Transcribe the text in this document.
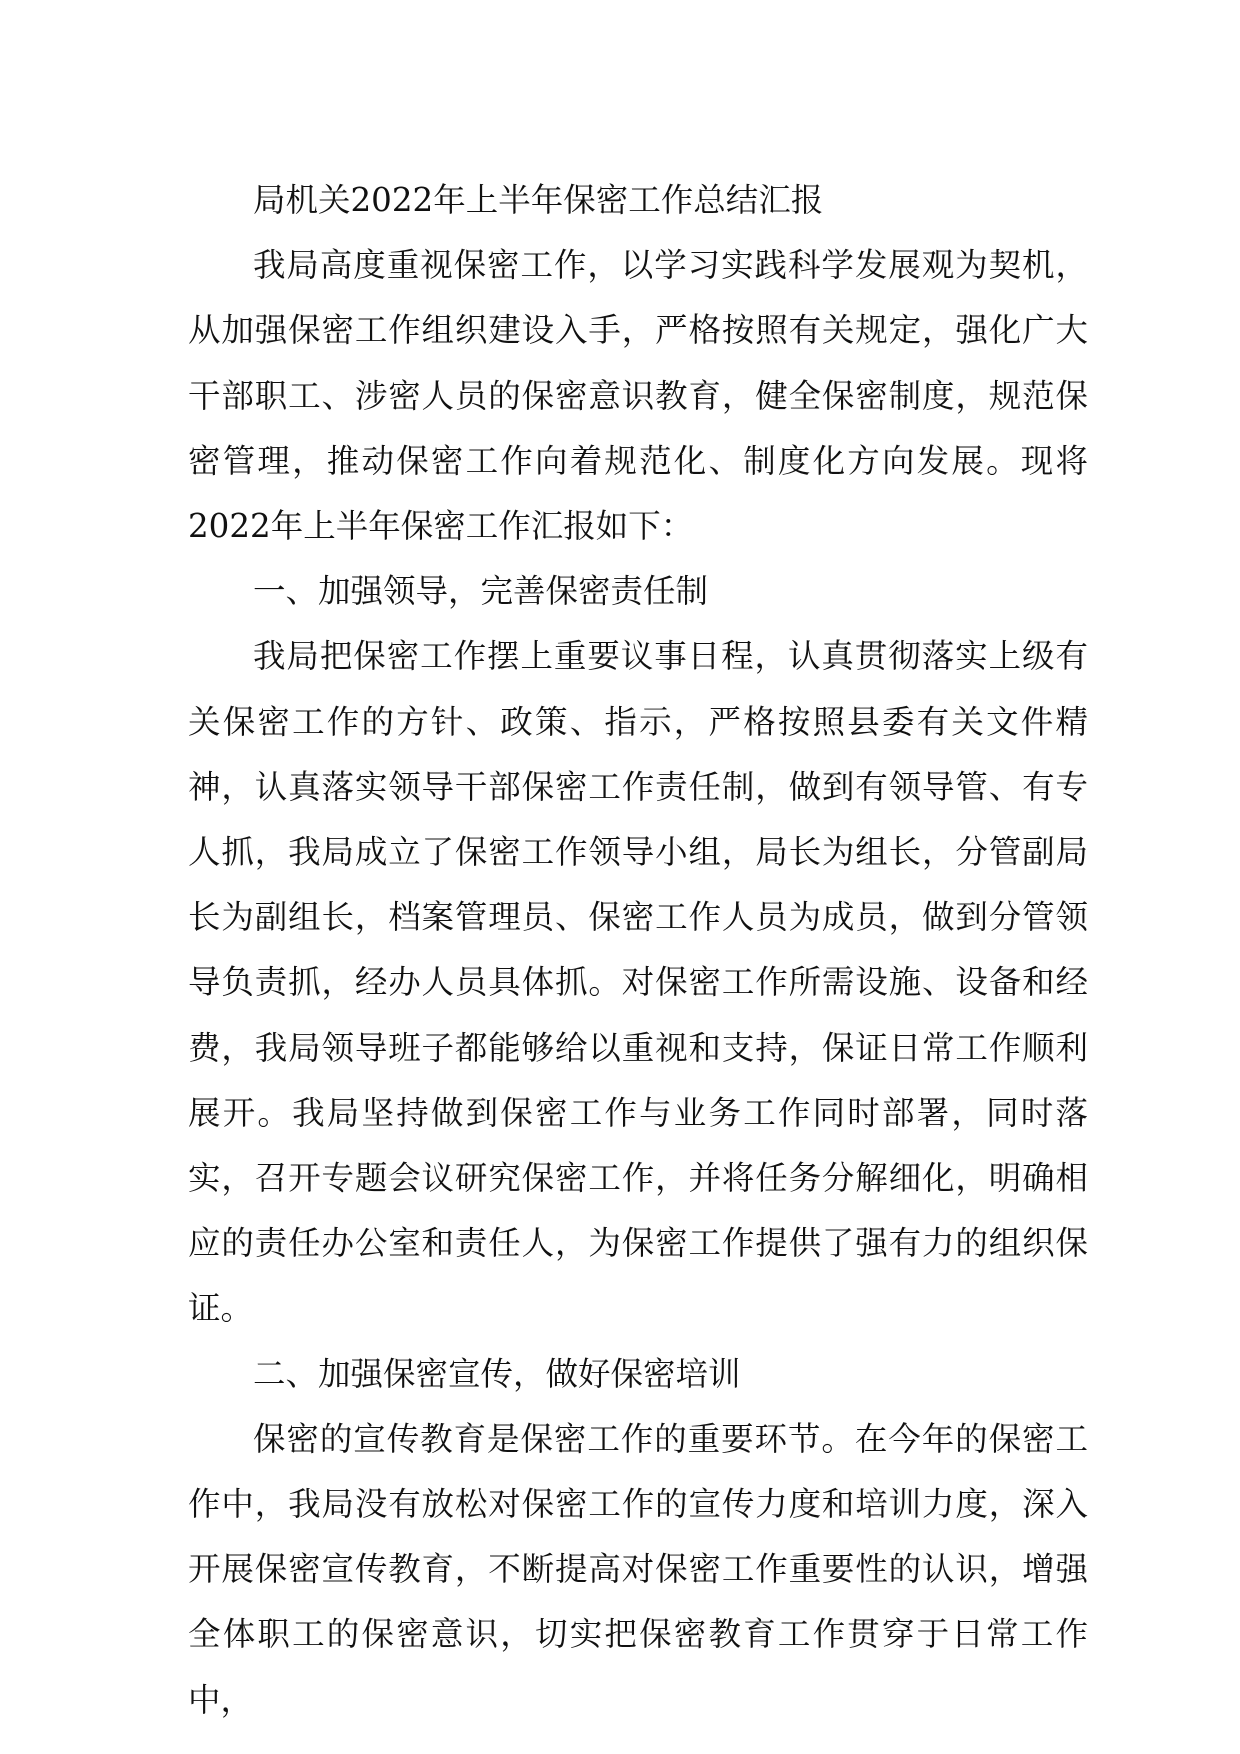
局机关2022年上半年保密工作总结汇报

我局高度重视保密工作，以学习实践科学发展观为契机，从加强保密工作组织建设入手，严格按照有关规定，强化广大干部职工、涉密人员的保密意识教育，健全保密制度，规范保密管理，推动保密工作向着规范化、制度化方向发展。现将2022年上半年保密工作汇报如下：

一、加强领导，完善保密责任制

我局把保密工作摆上重要议事日程，认真贯彻落实上级有关保密工作的方针、政策、指示，严格按照县委有关文件精神，认真落实领导干部保密工作责任制，做到有领导管、有专人抓，我局成立了保密工作领导小组，局长为组长，分管副局长为副组长，档案管理员、保密工作人员为成员，做到分管领导负责抓，经办人员具体抓。对保密工作所需设施、设备和经费，我局领导班子都能够给以重视和支持，保证日常工作顺利展开。我局坚持做到保密工作与业务工作同时部署，同时落实，召开专题会议研究保密工作，并将任务分解细化，明确相应的责任办公室和责任人，为保密工作提供了强有力的组织保证。

二、加强保密宣传，做好保密培训

保密的宣传教育是保密工作的重要环节。在今年的保密工作中，我局没有放松对保密工作的宣传力度和培训力度，深入开展保密宣传教育，不断提高对保密工作重要性的认识，增强全体职工的保密意识，切实把保密教育工作贯穿于日常工作中，
